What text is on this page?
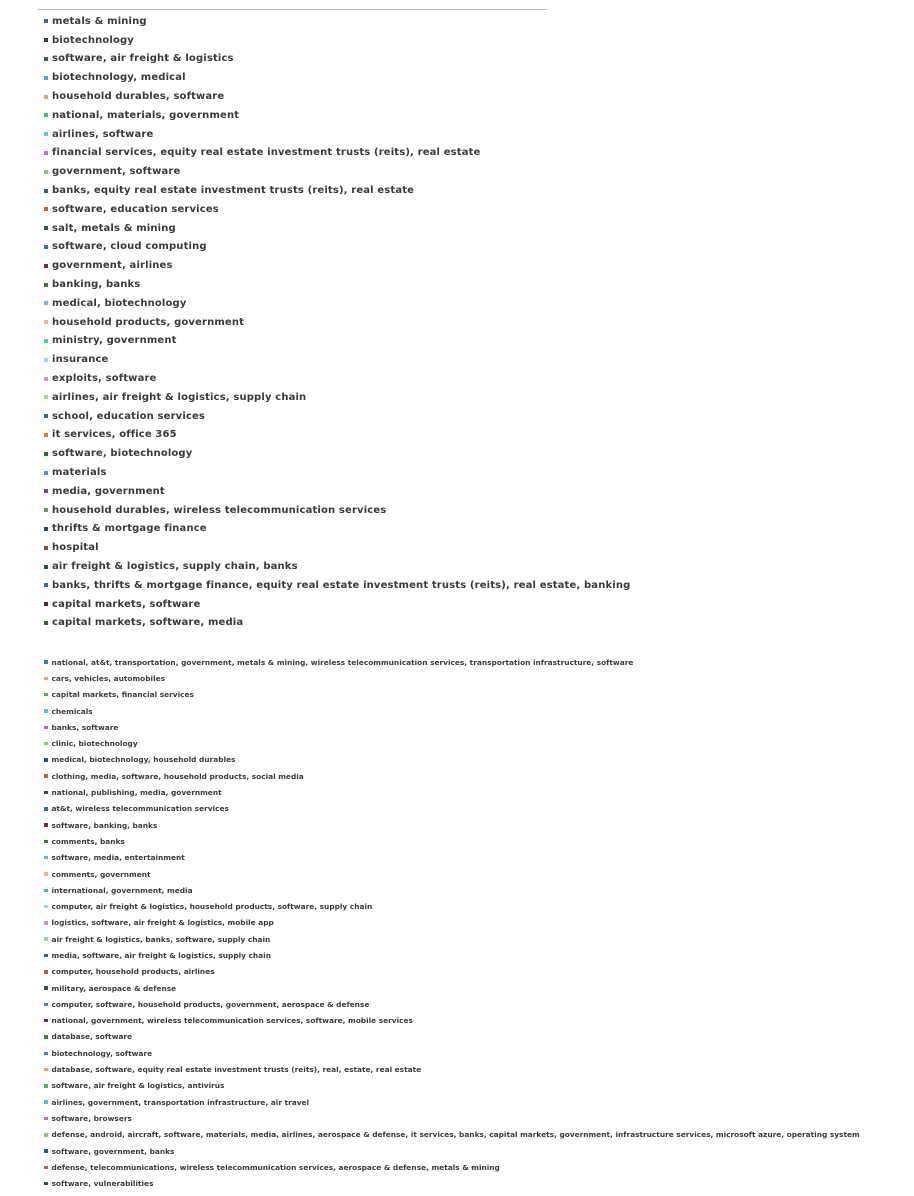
metals & mining
biotechnology
software, air freight & logistics
biotechnology, medical
household durables, software
national, materials, government
airlines, software
financial services, equity real estate investment trusts (reits), real estate
government, software
banks, equity real estate investment trusts (reits), real estate
software, education services
salt, metals & mining
software, cloud computing
government, airlines
banking, banks
medical, biotechnology
household products, government
ministry, government
insurance
exploits, software
airlines, air freight & logistics, supply chain
school, education services
it services, office 365
software, biotechnology
materials
media, government
household durables, wireless telecommunication services
thrifts & mortgage finance
hospital
air freight & logistics, supply chain, banks
banks, thrifts & mortgage finance, equity real estate investment trusts (reits), real estate, banking
capital markets, software
capital markets, software, media
national, at&t, transportation, government, metals & mining, wireless telecommunication services, transportation infrastructure, software
cars, vehicles, automobiles
capital markets, financial services
chemicals
banks, software
clinic, biotechnology
medical, biotechnology, household durables
clothing, media, software, household products, social media
national, publishing, media, government
at&t, wireless telecommunication services
software, banking, banks
comments, banks
software, media, entertainment
comments, government
international, government, media
computer, air freight & logistics, household products, software, supply chain
logistics, software, air freight & logistics, mobile app
air freight & logistics, banks, software, supply chain
media, software, air freight & logistics, supply chain
computer, household products, airlines
military, aerospace & defense
computer, software, household products, government, aerospace & defense
national, government, wireless telecommunication services, software, mobile services
database, software
biotechnology, software
database, software, equity real estate investment trusts (reits), real, estate, real estate
software, air freight & logistics, antivirus
airlines, government, transportation infrastructure, air travel
software, browsers
defense, android, aircraft, software, materials, media, airlines, aerospace & defense, it services, banks, capital markets, government, infrastructure services, microsoft azure, operating system
software, government, banks
defense, telecommunications, wireless telecommunication services, aerospace & defense, metals & mining
software, vulnerabilities
